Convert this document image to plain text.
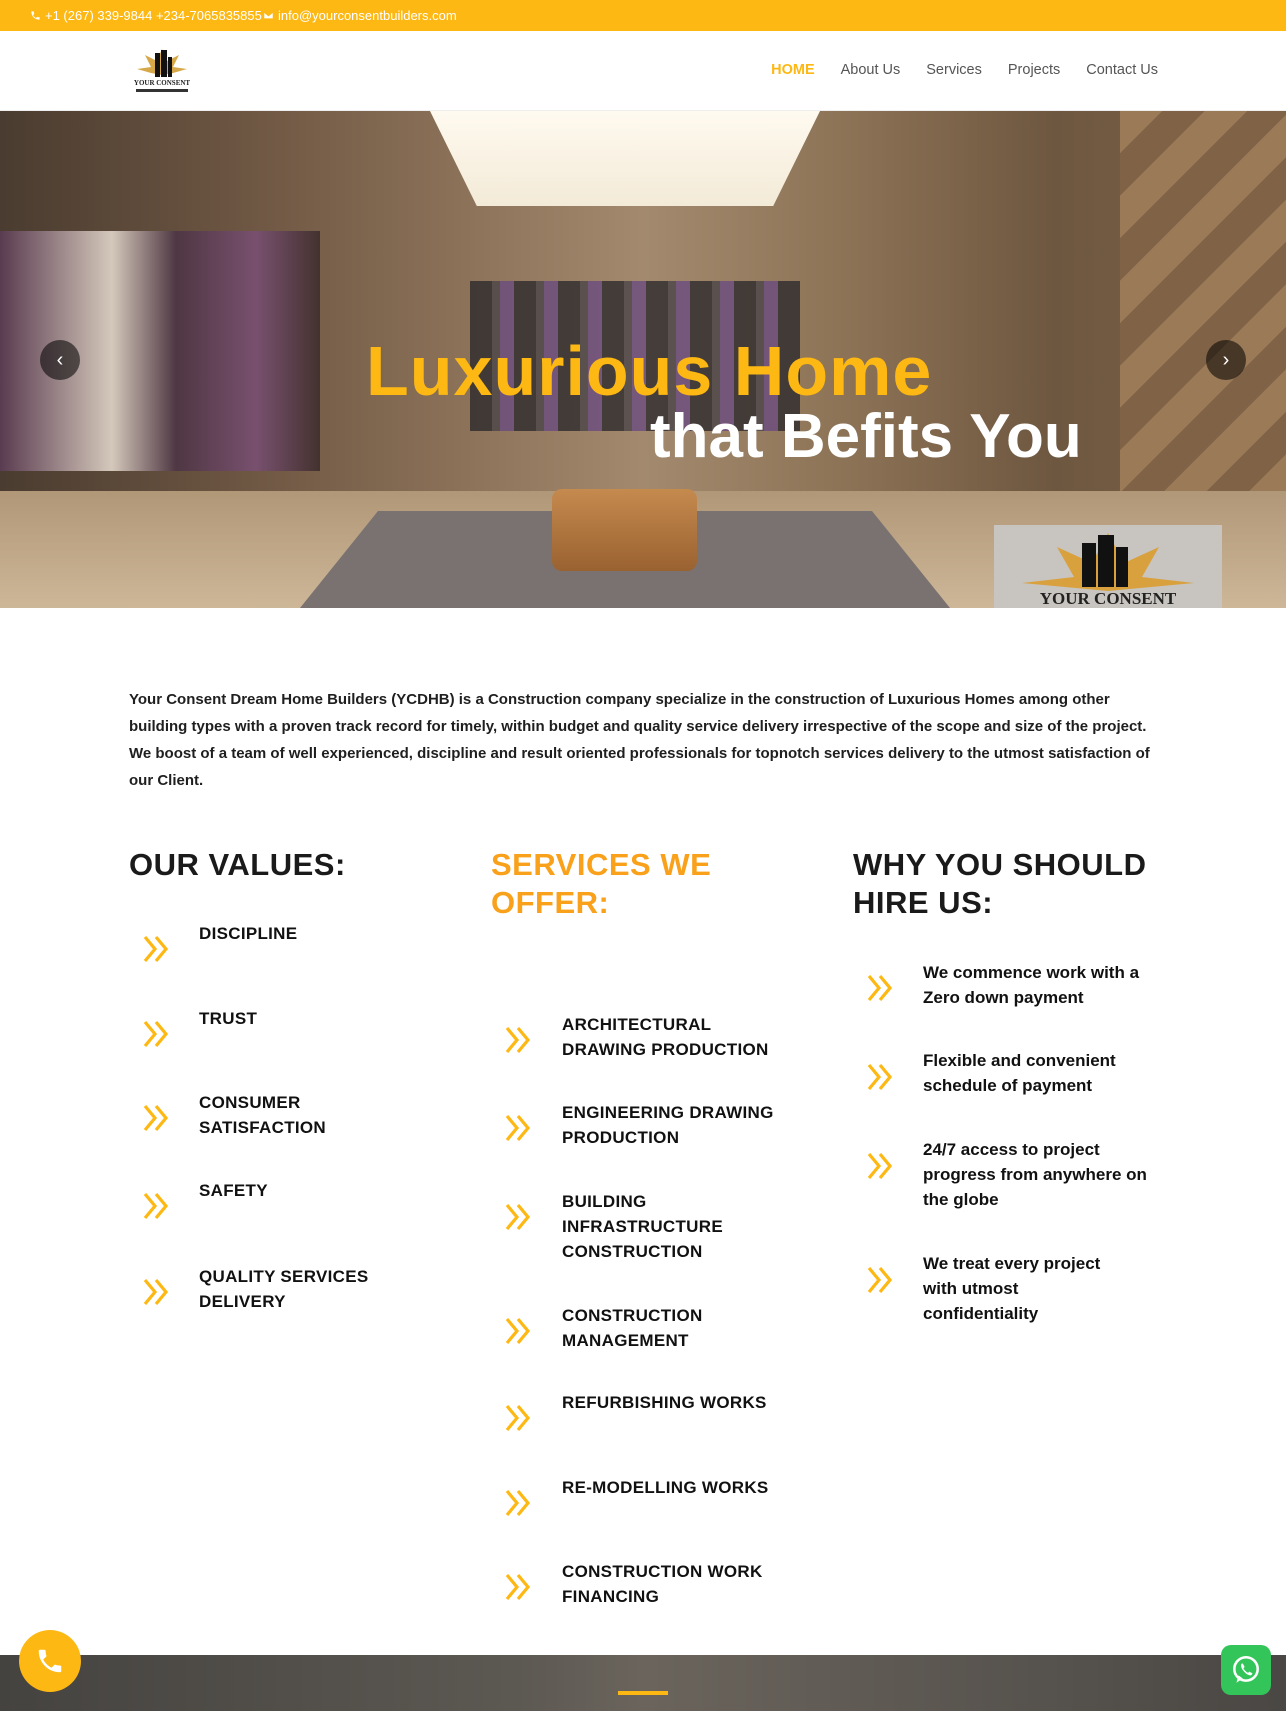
+1 (267) 339-9844 +234-7065835855 info@yourconsentbuilders.com
YOUR CONSENT
HOME About Us Services Projects Contact Us
Luxurious Home
that Befits You
‹	›
YOUR CONSENT

Your Consent Dream Home Builders (YCDHB) is a Construction company specialize in the construction of Luxurious Homes among other building types with a proven track record for timely, within budget and quality service delivery irrespective of the scope and size of the project. We boost of a team of well experienced, discipline and result oriented professionals for topnotch services delivery to the utmost satisfaction of our Client.

OUR VALUES:
DISCIPLINE
TRUST
CONSUMER SATISFACTION
SAFETY
QUALITY SERVICES DELIVERY
SERVICES WE OFFER:
ARCHITECTURAL DRAWING PRODUCTION
ENGINEERING DRAWING PRODUCTION
BUILDING INFRASTRUCTURE CONSTRUCTION
CONSTRUCTION MANAGEMENT
REFURBISHING WORKS
RE-MODELLING WORKS
CONSTRUCTION WORK FINANCING
WHY YOU SHOULD HIRE US:
We commence work with a Zero down payment
Flexible and convenient schedule of payment
24/7 access to project progress from anywhere on the globe
We treat every project with utmost confidentiality
